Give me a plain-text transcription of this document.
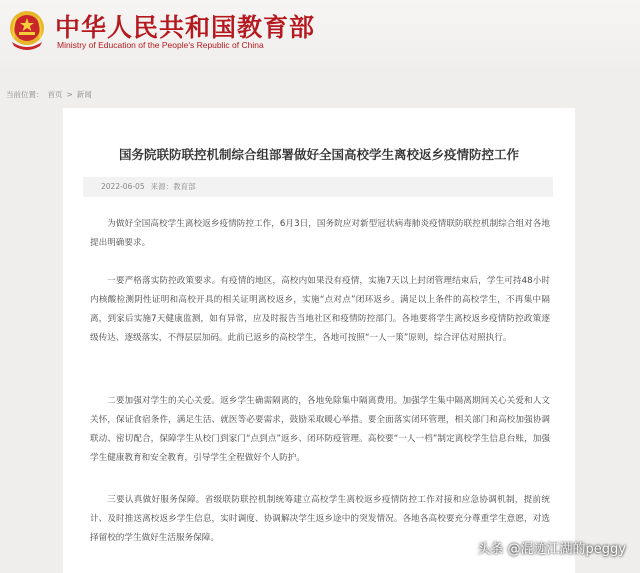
中华人民共和国教育部
Ministry of Education of the People's Republic of China
当前位置： 首页 > 新闻
国务院联防联控机制综合组部署做好全国高校学生离校返乡疫情防控工作
2022-06-05 来源：教育部

为做好全国高校学生离校返乡疫情防控工作，6月3日，国务院应对新型冠状病毒肺炎疫情联防联控机制综合组对各地提出明确要求。

一要严格落实防控政策要求。有疫情的地区，高校内如果没有疫情，实施7天以上封闭管理结束后，学生可持48小时内核酸检测阴性证明和高校开具的相关证明离校返乡，实施“点对点”闭环返乡。满足以上条件的高校学生，不再集中隔离，到家后实施7天健康监测，如有异常，应及时报告当地社区和疫情防控部门。各地要将学生离校返乡疫情防控政策逐级传达、逐级落实，不得层层加码。此前已返乡的高校学生，各地可按照“一人一策”原则，综合评估对照执行。

二要加强对学生的关心关爱。返乡学生确需隔离的，各地免除集中隔离费用。加强学生集中隔离期间关心关爱和人文关怀，保证食宿条件，满足生活、就医等必要需求，鼓励采取暖心举措。要全面落实闭环管理，相关部门和高校加强协调联动、密切配合，保障学生从校门到家门“点到点”返乡、闭环防疫管理。高校要“一人一档”制定离校学生信息台账，加强学生健康教育和安全教育，引导学生全程做好个人防护。

三要认真做好服务保障。省级联防联控机制统筹建立高校学生离校返乡疫情防控工作对接和应急协调机制，提前统计、及时推送离校返乡学生信息，实时调度、协调解决学生返乡途中的突发情况。各地各高校要充分尊重学生意愿，对选择留校的学生做好生活服务保障。

头条 @混迹江湖的peggy
